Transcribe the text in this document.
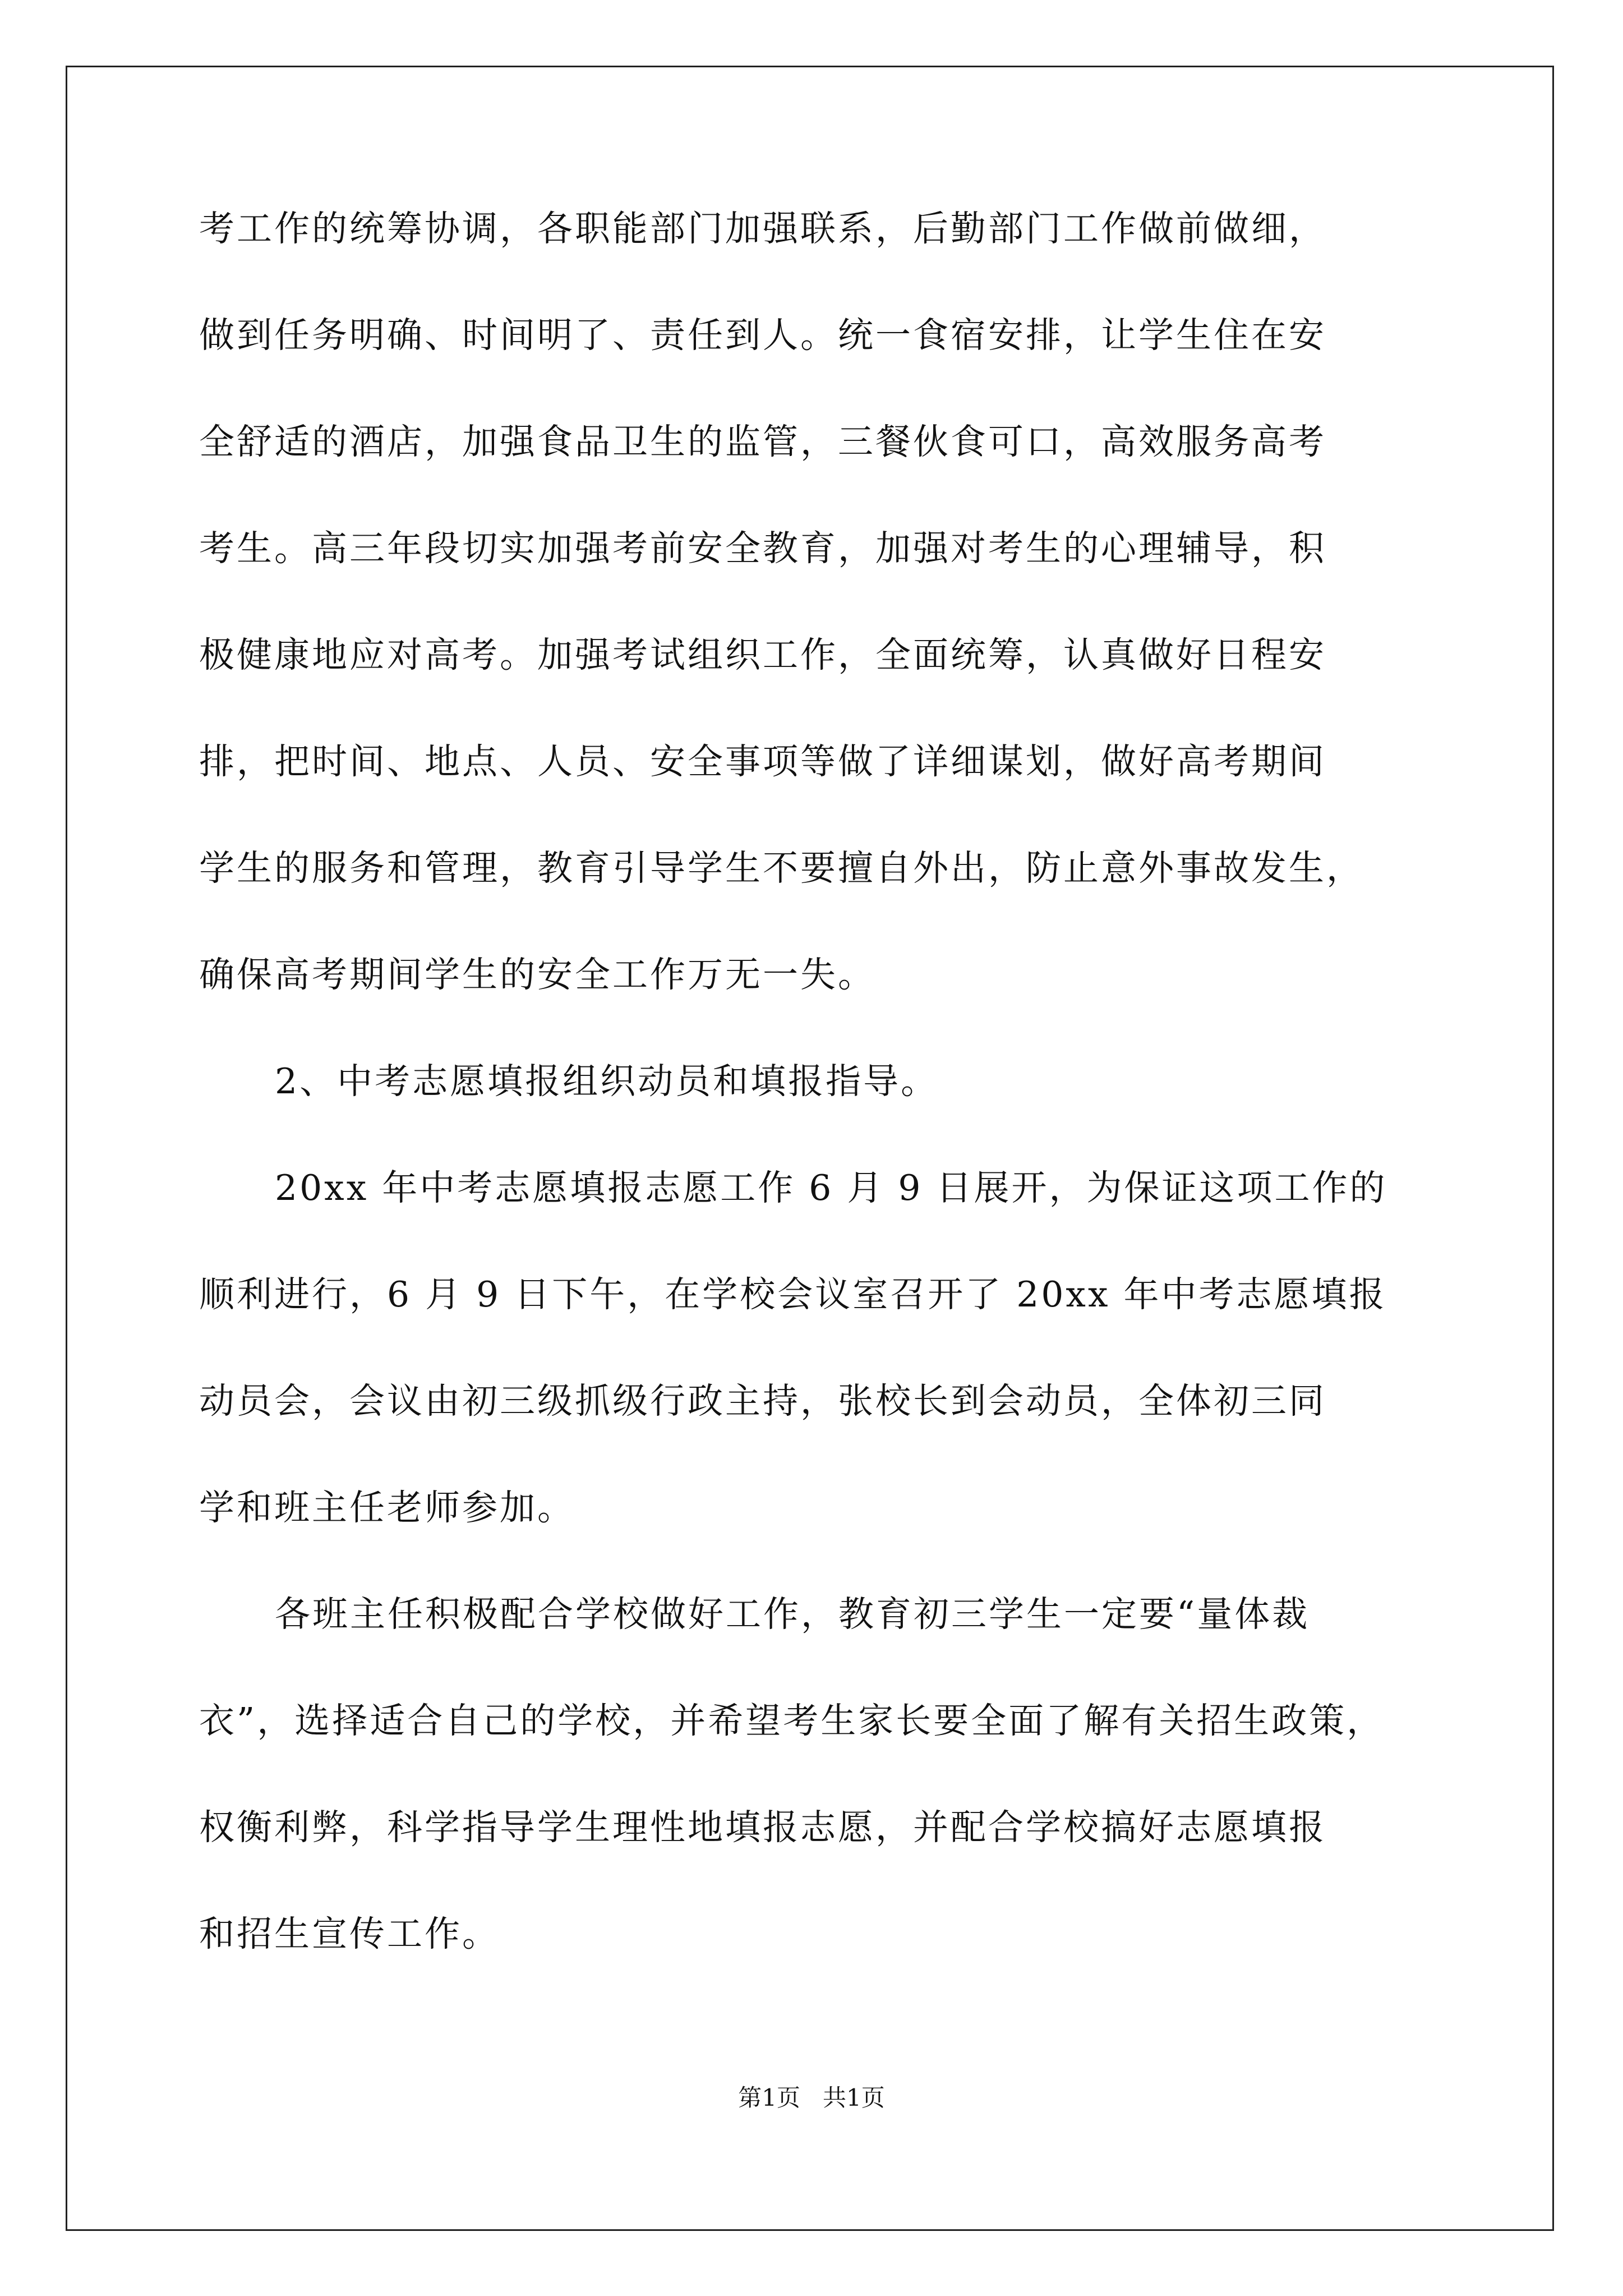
考工作的统筹协调，各职能部门加强联系，后勤部门工作做前做细，
做到任务明确、时间明了、责任到人。统一食宿安排，让学生住在安
全舒适的酒店，加强食品卫生的监管，三餐伙食可口，高效服务高考
考生。高三年段切实加强考前安全教育，加强对考生的心理辅导，积
极健康地应对高考。加强考试组织工作，全面统筹，认真做好日程安
排，把时间、地点、人员、安全事项等做了详细谋划，做好高考期间
学生的服务和管理，教育引导学生不要擅自外出，防止意外事故发生，
确保高考期间学生的安全工作万无一失。
2、中考志愿填报组织动员和填报指导。
20xx 年中考志愿填报志愿工作 6 月 9 日展开，为保证这项工作的
顺利进行，6 月 9 日下午，在学校会议室召开了 20xx 年中考志愿填报
动员会，会议由初三级抓级行政主持，张校长到会动员，全体初三同
学和班主任老师参加。
各班主任积极配合学校做好工作，教育初三学生一定要“量体裁
衣”，选择适合自己的学校，并希望考生家长要全面了解有关招生政策，
权衡利弊，科学指导学生理性地填报志愿，并配合学校搞好志愿填报
和招生宣传工作。
第1页   共1页
